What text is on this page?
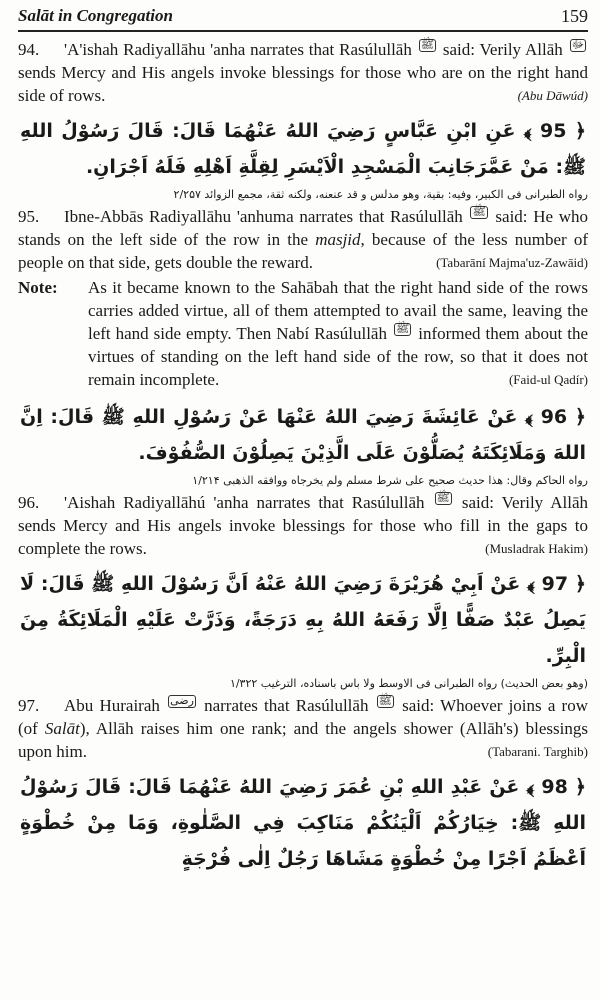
Salāt in Congregation	159

94. 'A'ishah Radiyallāhu 'anha narrates that Rasúlullāh ﷺ said: Verily Allāh ﷻ sends Mercy and His angels invoke blessings for those who are on the right hand side of rows.	(Abu Dāwúd)

﴿ 95 ﴾ عَنِ ابْنِ عَبَّاسٍ رَضِيَ اللهُ عَنْهُمَا قَالَ: قَالَ رَسُوْلُ اللهِ ﷺ: مَنْ عَمَّرَجَانِبَ الْمَسْجِدِ الْاَيْسَرِ لِقِلَّةِ اَهْلِهِ فَلَهُ اَجْرَانِ.

رواه الطبرانی فی الکبیر، وفیه: بقیة، وهو مدلس و قد عنعنه، ولکنه ثقة، مجمع الزوائد ۲/۲۵۷

95. Ibne-Abbās Radiyallāhu 'anhuma narrates that Rasúlullāh ﷺ said: He who stands on the left side of the row in the masjid, because of the less number of people on that side, gets double the reward.	(Tabarāní Majma'uz-Zawāid)

Note:	As it became known to the Sahābah that the right hand side of the rows carries added virtue, all of them attempted to avail the same, leaving the left hand side empty. Then Nabí Rasúlullāh ﷺ informed them about the virtues of standing on the left hand side of the row, so that it does not remain incomplete.	(Faid-ul Qadír)

﴿ 96 ﴾ عَنْ عَائِشَةَ رَضِيَ اللهُ عَنْهَا عَنْ رَسُوْلِ اللهِ ﷺ قَالَ: اِنَّ اللهَ وَمَلَائِكَتَهُ يُصَلُّوْنَ عَلَى الَّذِيْنَ يَصِلُوْنَ الصُّفُوْفَ.

رواه الحاکم وقال: هذا حدیث صحیح علی شرط مسلم ولم یخرجاه ووافقه الذهبی ۱/۲۱۴

96. 'Aishah Radiyallāhú 'anha narrates that Rasúlullāh ﷺ said: Verily Allāh sends Mercy and His angels invoke blessings for those who fill in the gaps to complete the rows.	(Musladrak Hakim)

﴿ 97 ﴾ عَنْ اَبِيْ هُرَيْرَةَ رَضِيَ اللهُ عَنْهُ اَنَّ رَسُوْلَ اللهِ ﷺ قَالَ: لَا يَصِلُ عَبْدٌ صَفًّا اِلَّا رَفَعَهُ اللهُ بِهِ دَرَجَةً، وَذَرَّتْ عَلَيْهِ الْمَلَائِكَةُ مِنَ الْبِرِّ.

(وهو بعض الحدیث) رواه الطبرانی فی الاوسط ولا باس باسناده، الترغیب ۱/۳۲۲

97. Abu Hurairah رضى narrates that Rasúlullāh ﷺ said: Whoever joins a row (of Salāt), Allāh raises him one rank; and the angels shower (Allāh's) blessings upon him.	(Tabarani. Targhib)

﴿ 98 ﴾ عَنْ عَبْدِ اللهِ بْنِ عُمَرَ رَضِيَ اللهُ عَنْهُمَا قَالَ: قَالَ رَسُوْلُ اللهِ ﷺ: خِيَارُكُمْ اَلْيَنُكُمْ مَنَاكِبَ فِي الصَّلٰوةِ، وَمَا مِنْ خُطْوَةٍ اَعْظَمُ اَجْرًا مِنْ خُطْوَةٍ مَشَاهَا رَجُلٌ اِلٰى فُرْجَةٍ
